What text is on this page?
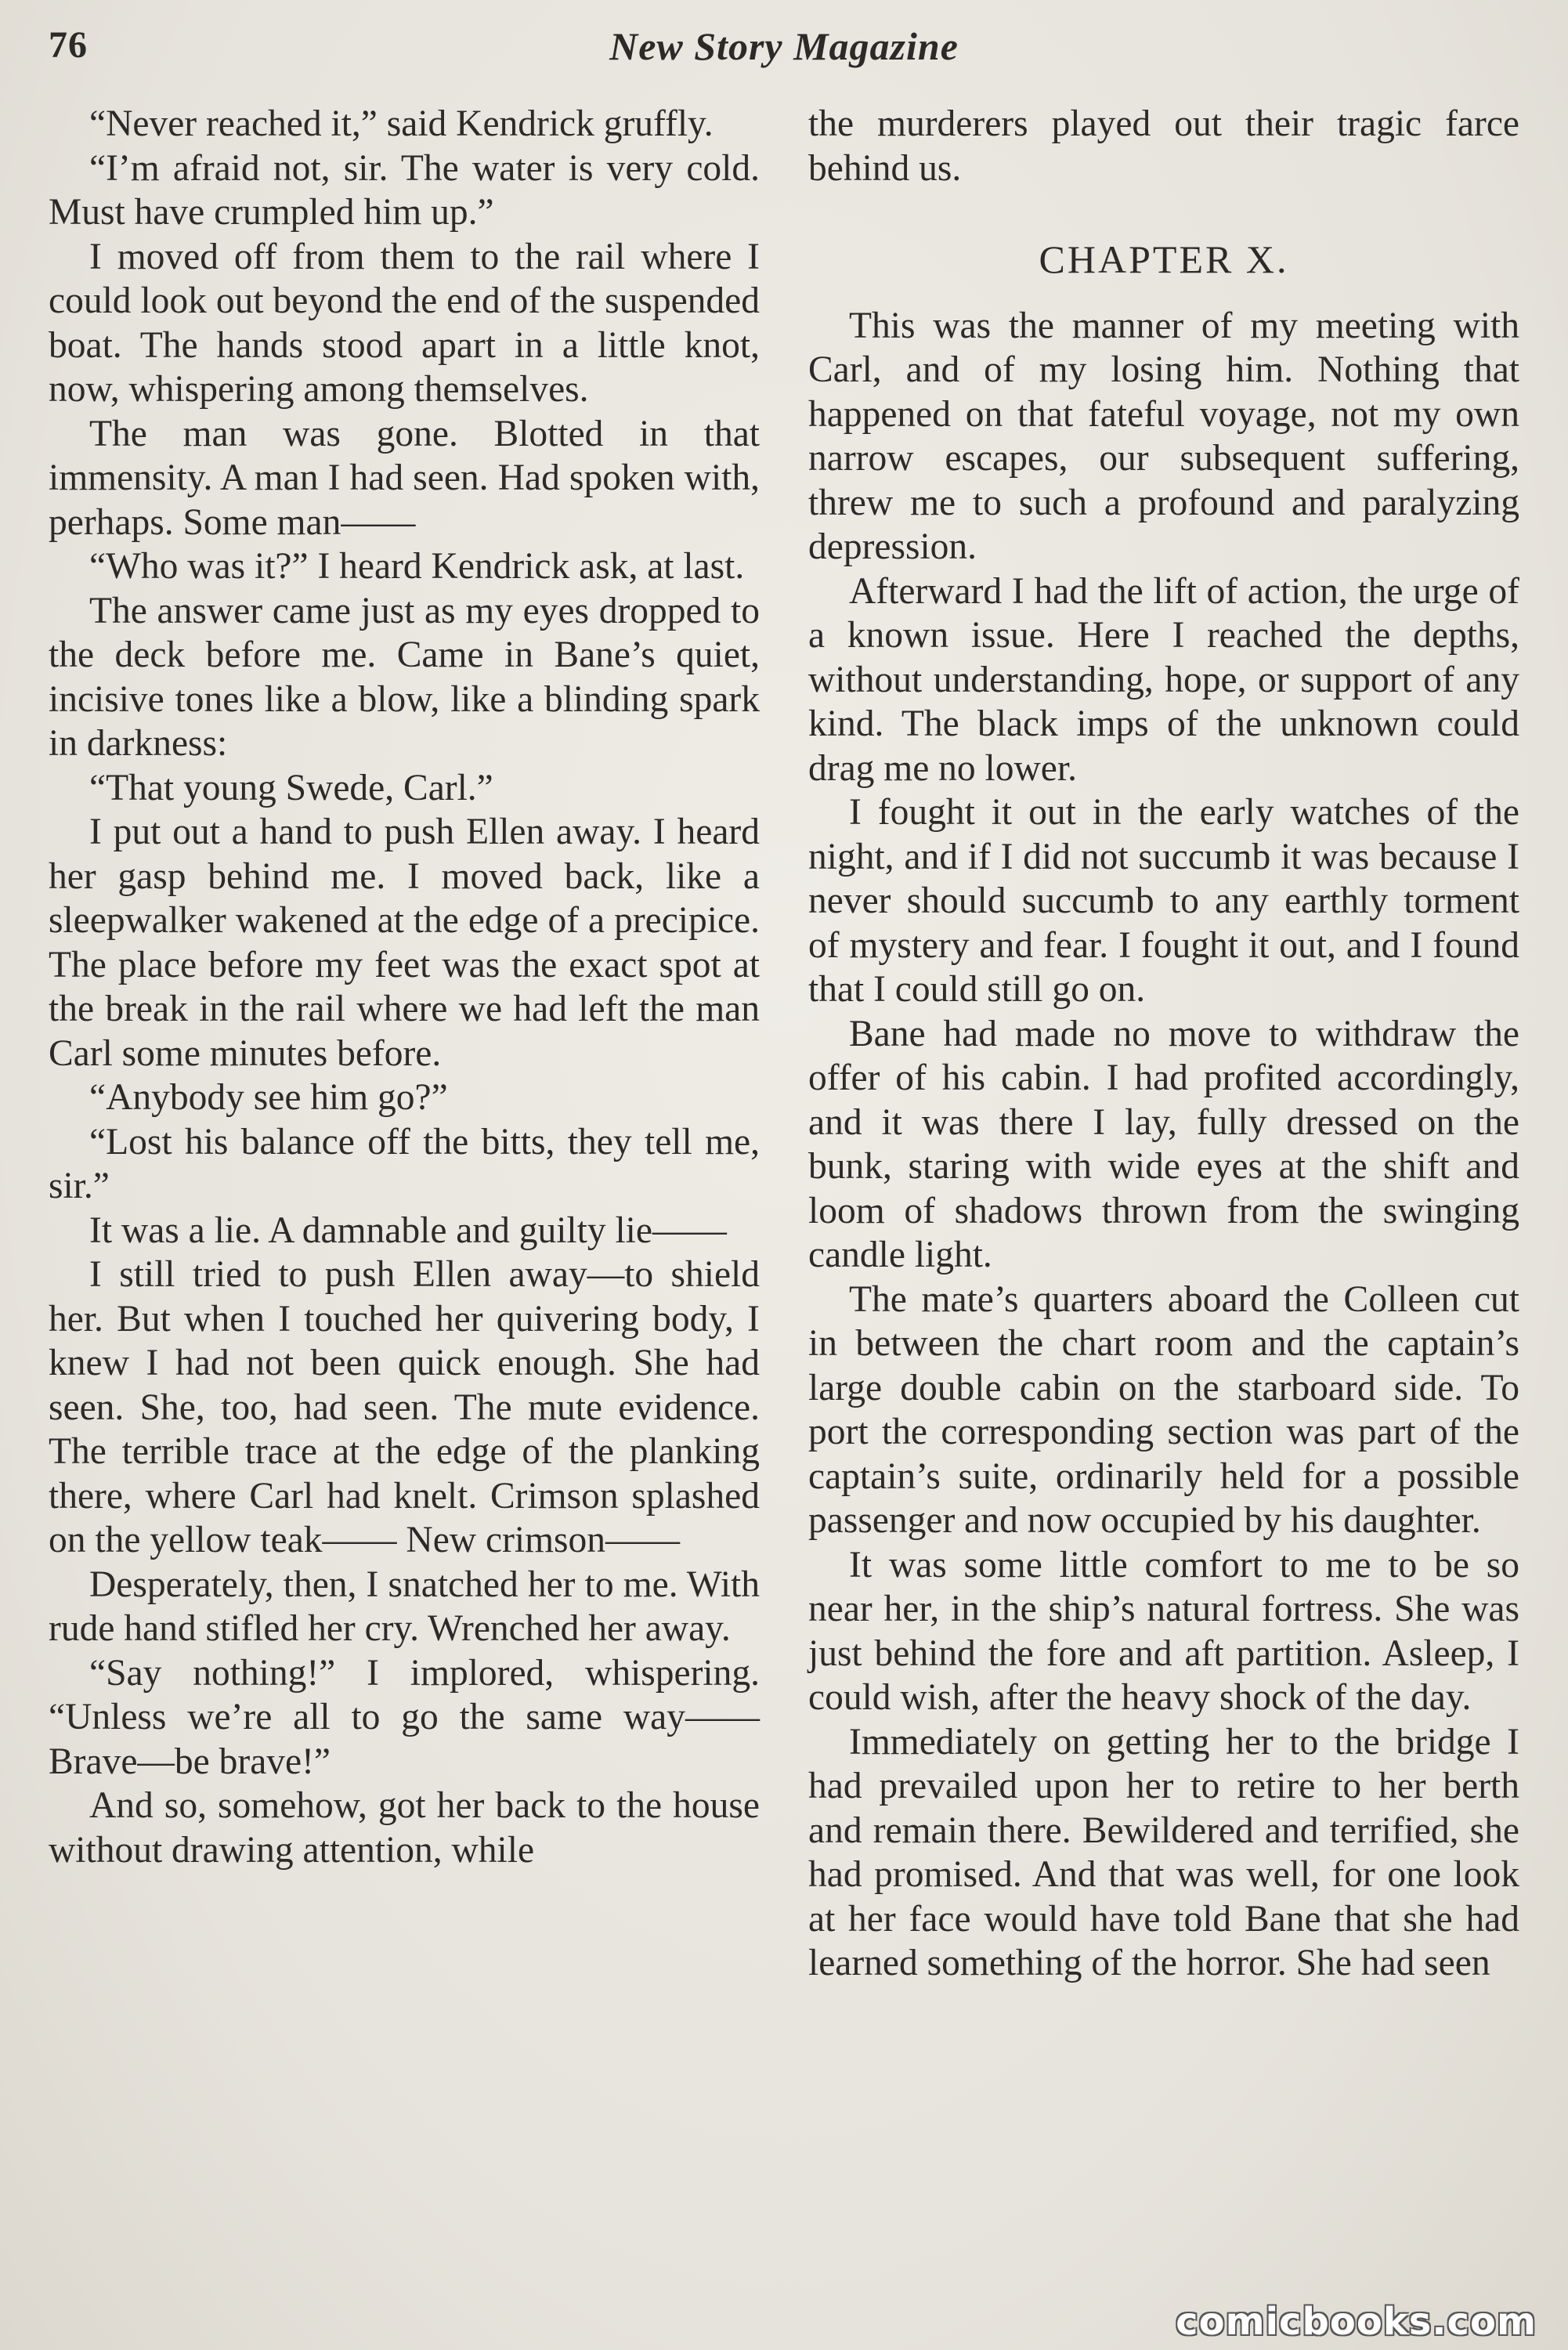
76	New Story Magazine

“Never reached it,” said Kendrick gruffly.

“I’m afraid not, sir. The water is very cold. Must have crumpled him up.”

I moved off from them to the rail where I could look out beyond the end of the suspended boat. The hands stood apart in a little knot, now, whispering among themselves.

The man was gone. Blotted in that immensity. A man I had seen. Had spoken with, perhaps. Some man——

“Who was it?” I heard Kendrick ask, at last.

The answer came just as my eyes dropped to the deck before me. Came in Bane’s quiet, incisive tones like a blow, like a blinding spark in darkness:

“That young Swede, Carl.”

I put out a hand to push Ellen away. I heard her gasp behind me. I moved back, like a sleepwalker wakened at the edge of a precipice. The place before my feet was the exact spot at the break in the rail where we had left the man Carl some minutes before.

“Anybody see him go?”

“Lost his balance off the bitts, they tell me, sir.”

It was a lie. A damnable and guilty lie——

I still tried to push Ellen away—to shield her. But when I touched her quivering body, I knew I had not been quick enough. She had seen. She, too, had seen. The mute evidence. The terrible trace at the edge of the planking there, where Carl had knelt. Crimson splashed on the yellow teak—— New crimson——

Desperately, then, I snatched her to me. With rude hand stifled her cry. Wrenched her away.

“Say nothing!” I implored, whispering. “Unless we’re all to go the same way—— Brave—be brave!”

And so, somehow, got her back to the house without drawing attention, while

the murderers played out their tragic farce behind us.

CHAPTER X.

This was the manner of my meeting with Carl, and of my losing him. Nothing that happened on that fateful voyage, not my own narrow escapes, our subsequent suffering, threw me to such a profound and paralyzing depression.

Afterward I had the lift of action, the urge of a known issue. Here I reached the depths, without understanding, hope, or support of any kind. The black imps of the unknown could drag me no lower.

I fought it out in the early watches of the night, and if I did not succumb it was because I never should succumb to any earthly torment of mystery and fear. I fought it out, and I found that I could still go on.

Bane had made no move to withdraw the offer of his cabin. I had profited accordingly, and it was there I lay, fully dressed on the bunk, staring with wide eyes at the shift and loom of shadows thrown from the swinging candle light.

The mate’s quarters aboard the Colleen cut in between the chart room and the captain’s large double cabin on the starboard side. To port the corresponding section was part of the captain’s suite, ordinarily held for a possible passenger and now occupied by his daughter.

It was some little comfort to me to be so near her, in the ship’s natural fortress. She was just behind the fore and aft partition. Asleep, I could wish, after the heavy shock of the day.

Immediately on getting her to the bridge I had prevailed upon her to retire to her berth and remain there. Bewildered and terrified, she had promised. And that was well, for one look at her face would have told Bane that she had learned something of the horror. She had seen

comicbooks.com
